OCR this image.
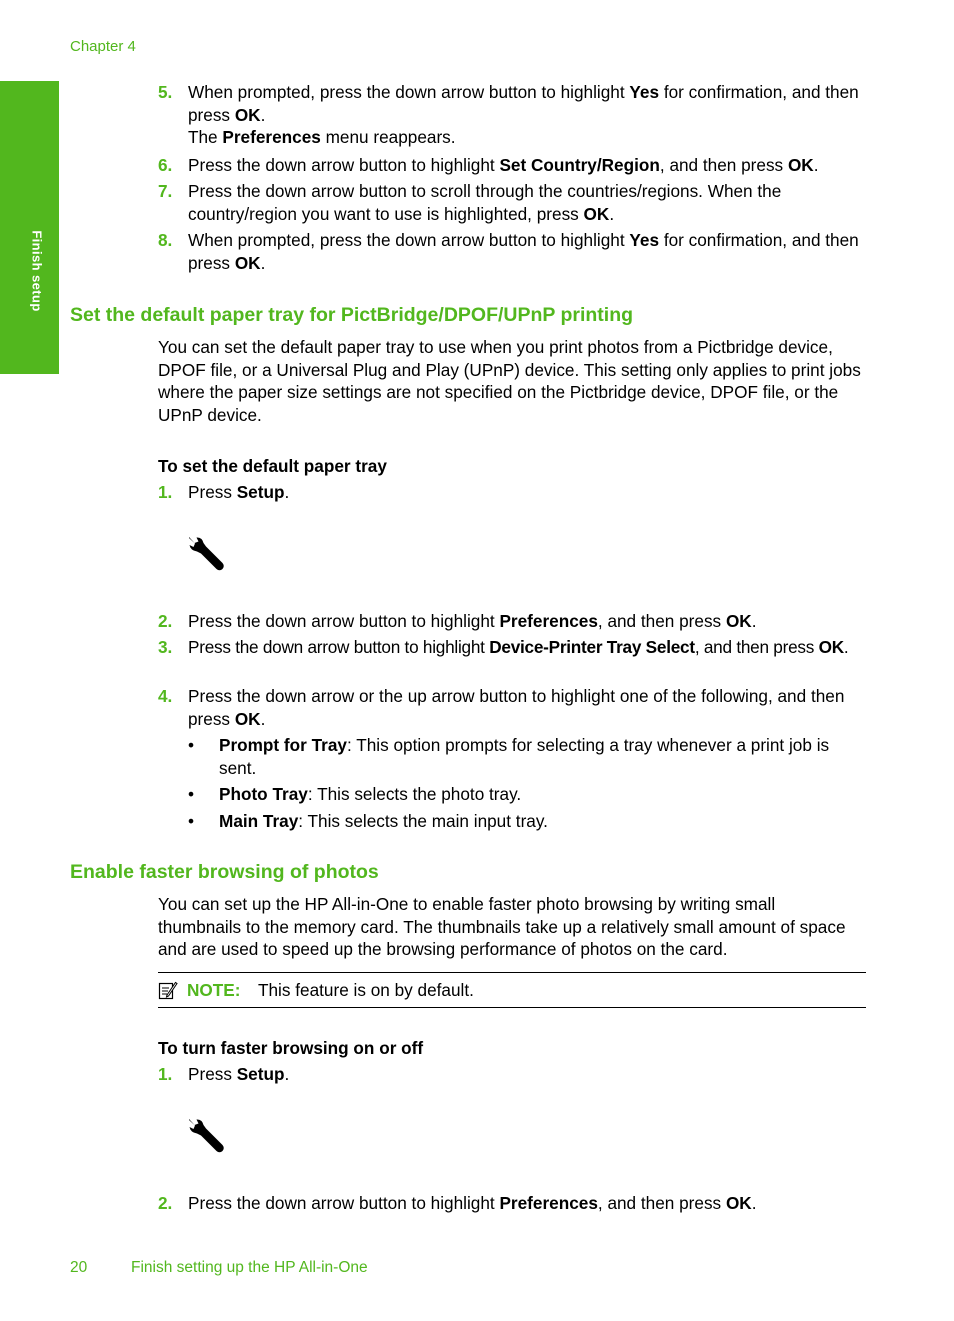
Chapter 4
Finish setup
5. When prompted, press the down arrow button to highlight Yes for confirmation, and then press OK.
The Preferences menu reappears.
6. Press the down arrow button to highlight Set Country/Region, and then press OK.
7. Press the down arrow button to scroll through the countries/regions. When the country/region you want to use is highlighted, press OK.
8. When prompted, press the down arrow button to highlight Yes for confirmation, and then press OK.
Set the default paper tray for PictBridge/DPOF/UPnP printing
You can set the default paper tray to use when you print photos from a Pictbridge device, DPOF file, or a Universal Plug and Play (UPnP) device. This setting only applies to print jobs where the paper size settings are not specified on the Pictbridge device, DPOF file, or the UPnP device.
To set the default paper tray
1. Press Setup.
2. Press the down arrow button to highlight Preferences, and then press OK.
3. Press the down arrow button to highlight Device-Printer Tray Select, and then press OK.
4. Press the down arrow or the up arrow button to highlight one of the following, and then press OK.
• Prompt for Tray: This option prompts for selecting a tray whenever a print job is sent.
• Photo Tray: This selects the photo tray.
• Main Tray: This selects the main input tray.
Enable faster browsing of photos
You can set up the HP All-in-One to enable faster photo browsing by writing small thumbnails to the memory card. The thumbnails take up a relatively small amount of space and are used to speed up the browsing performance of photos on the card.
NOTE: This feature is on by default.
To turn faster browsing on or off
1. Press Setup.
2. Press the down arrow button to highlight Preferences, and then press OK.
20	Finish setting up the HP All-in-One
